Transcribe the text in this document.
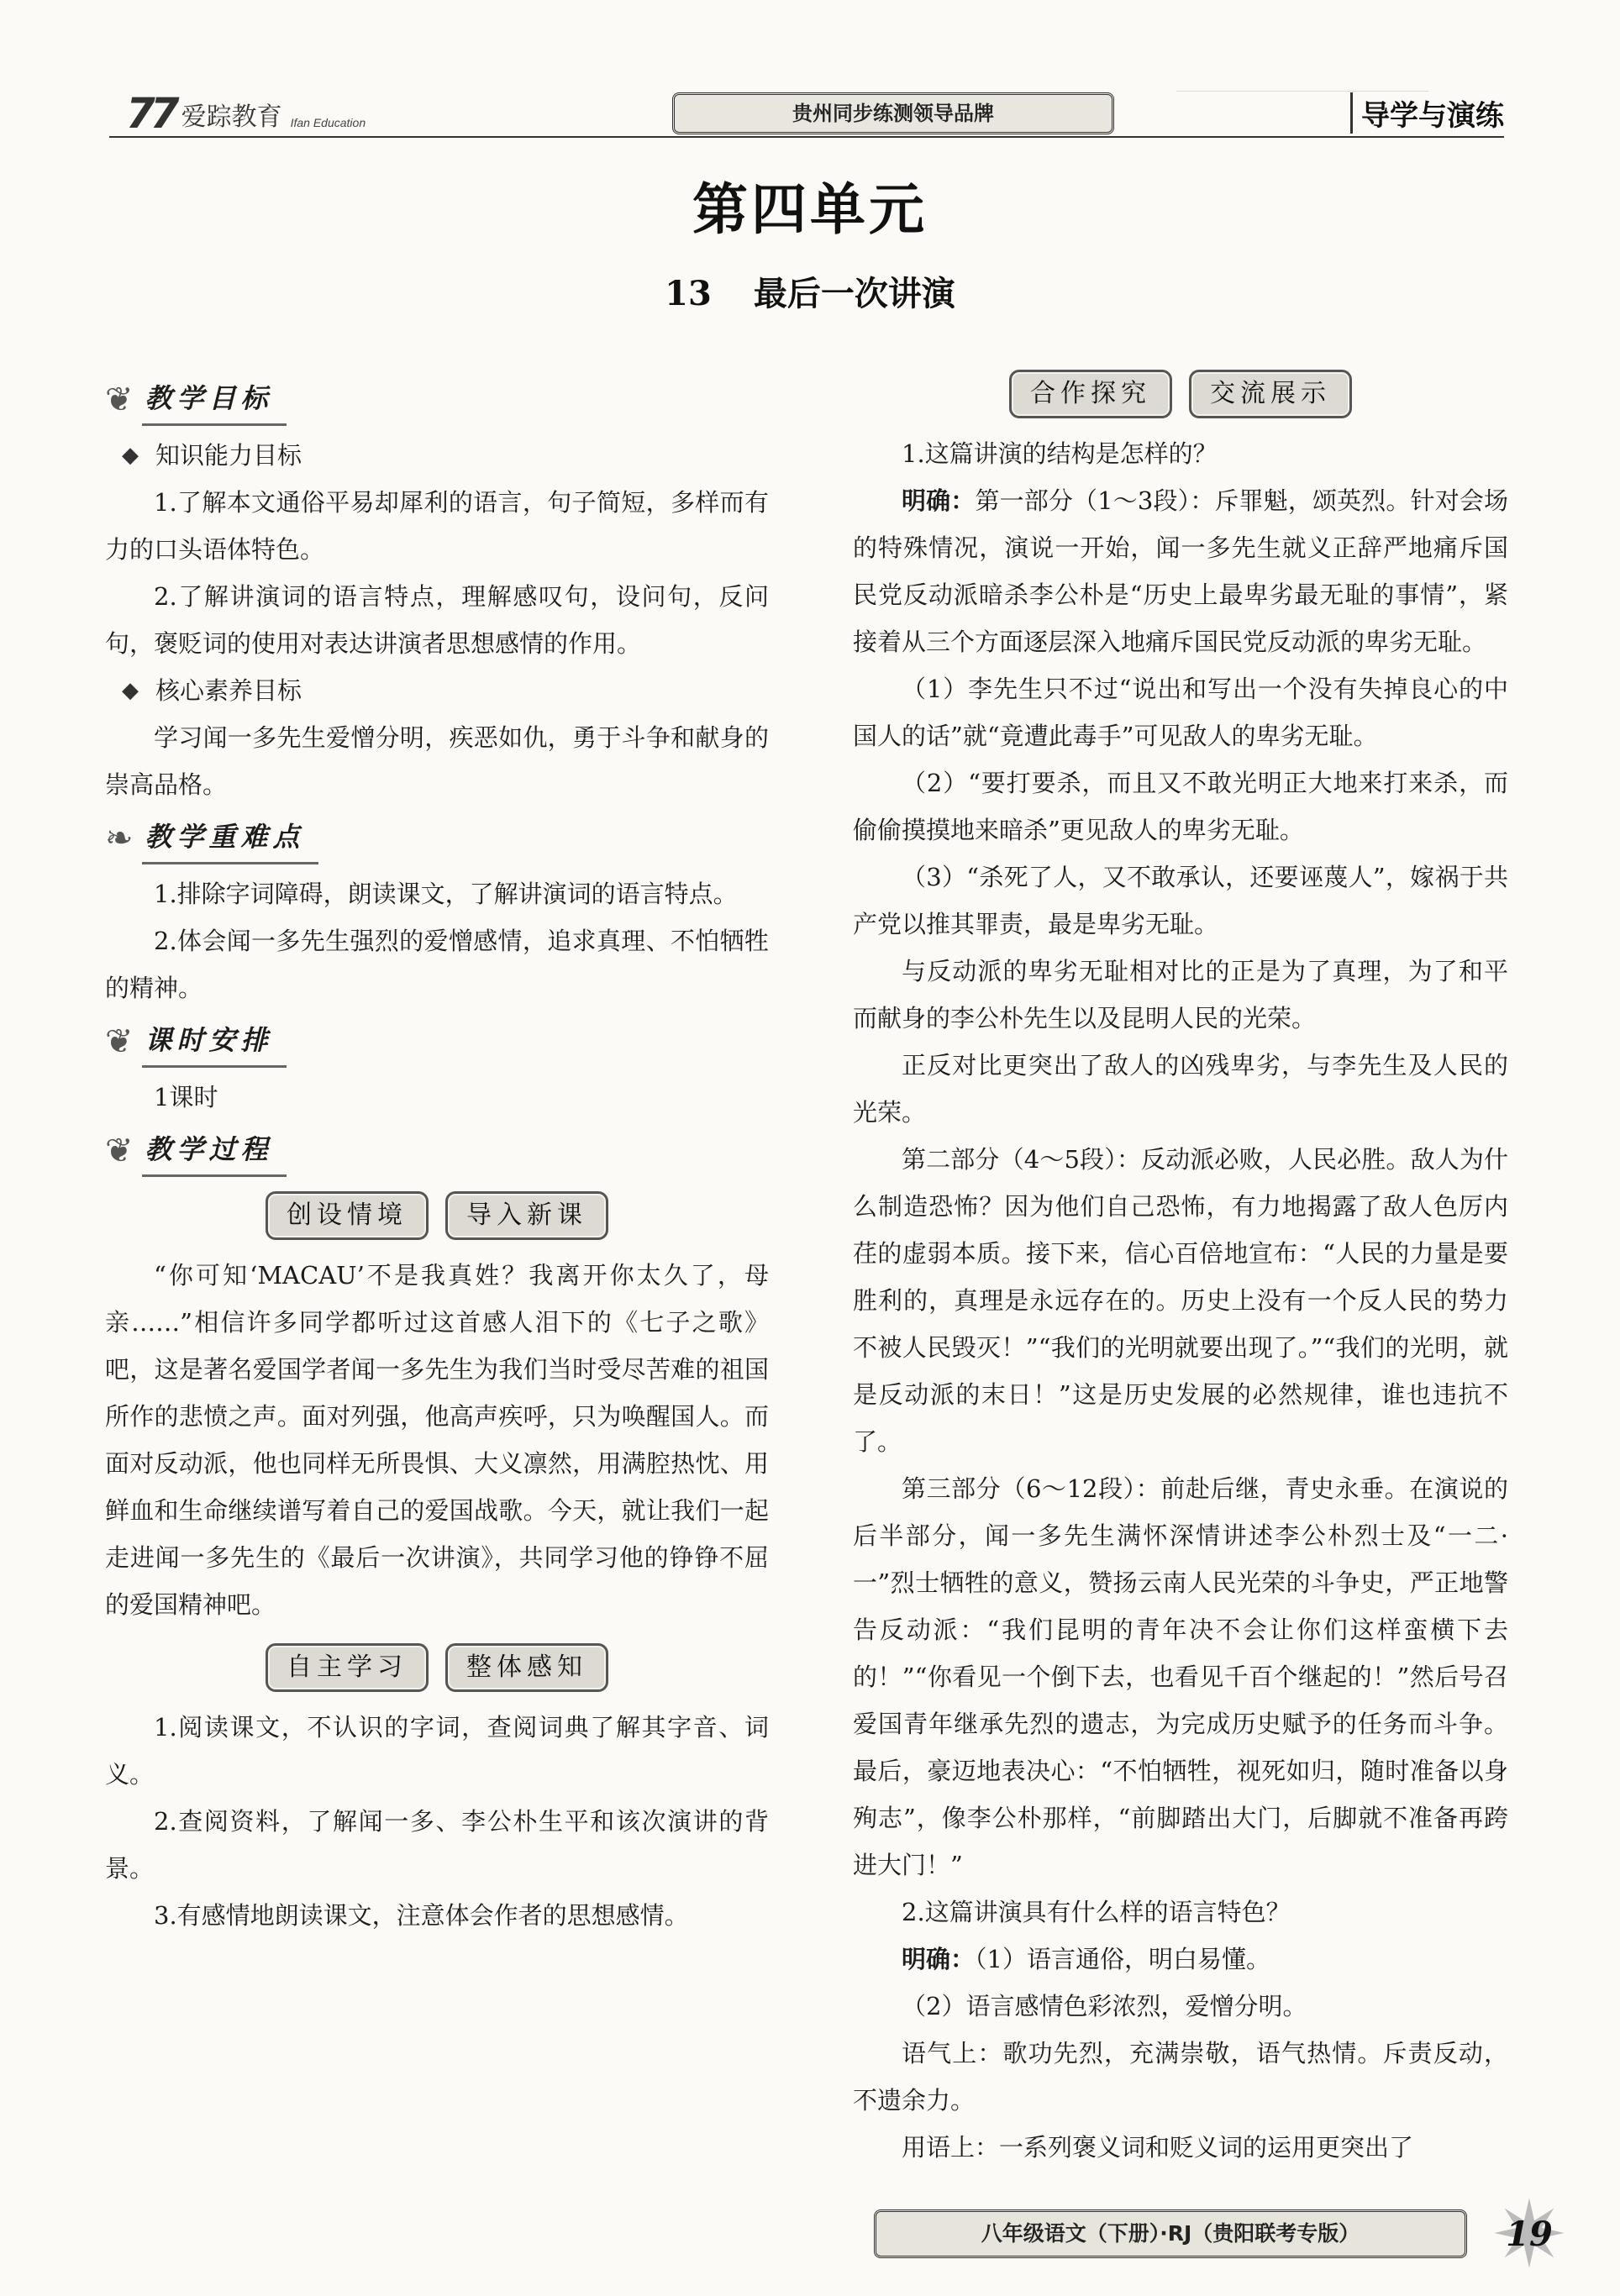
77 爱踪教育 Ifan Education	贵州同步练测领导品牌	导学与演练
第四单元
13 最后一次讲演
❦ 教学目标

◆ 知识能力目标

1.了解本文通俗平易却犀利的语言，句子简短，多样而有力的口头语体特色。

2.了解讲演词的语言特点，理解感叹句，设问句，反问句，褒贬词的使用对表达讲演者思想感情的作用。

◆ 核心素养目标

学习闻一多先生爱憎分明，疾恶如仇，勇于斗争和献身的崇高品格。

❧ 教学重难点

1.排除字词障碍，朗读课文，了解讲演词的语言特点。

2.体会闻一多先生强烈的爱憎感情，追求真理、不怕牺牲的精神。

❦ 课时安排

1课时

❦ 教学过程
创设情境	导入新课

“你可知‘MACAU’不是我真姓？我离开你太久了，母亲……”相信许多同学都听过这首感人泪下的《七子之歌》吧，这是著名爱国学者闻一多先生为我们当时受尽苦难的祖国所作的悲愤之声。面对列强，他高声疾呼，只为唤醒国人。而面对反动派，他也同样无所畏惧、大义凛然，用满腔热忱、用鲜血和生命继续谱写着自己的爱国战歌。今天，就让我们一起走进闻一多先生的《最后一次讲演》，共同学习他的铮铮不屈的爱国精神吧。

自主学习	整体感知

1.阅读课文，不认识的字词，查阅词典了解其字音、词义。

2.查阅资料，了解闻一多、李公朴生平和该次演讲的背景。

3.有感情地朗读课文，注意体会作者的思想感情。

合作探究	交流展示

1.这篇讲演的结构是怎样的？

明确：第一部分（1～3段）：斥罪魁，颂英烈。针对会场的特殊情况，演说一开始，闻一多先生就义正辞严地痛斥国民党反动派暗杀李公朴是“历史上最卑劣最无耻的事情”，紧接着从三个方面逐层深入地痛斥国民党反动派的卑劣无耻。

（1）李先生只不过“说出和写出一个没有失掉良心的中国人的话”就“竟遭此毒手”可见敌人的卑劣无耻。

（2）“要打要杀，而且又不敢光明正大地来打来杀，而偷偷摸摸地来暗杀”更见敌人的卑劣无耻。

（3）“杀死了人，又不敢承认，还要诬蔑人”，嫁祸于共产党以推其罪责，最是卑劣无耻。

与反动派的卑劣无耻相对比的正是为了真理，为了和平而献身的李公朴先生以及昆明人民的光荣。

正反对比更突出了敌人的凶残卑劣，与李先生及人民的光荣。

第二部分（4～5段）：反动派必败，人民必胜。敌人为什么制造恐怖？因为他们自己恐怖，有力地揭露了敌人色厉内荏的虚弱本质。接下来，信心百倍地宣布：“人民的力量是要胜利的，真理是永远存在的。历史上没有一个反人民的势力不被人民毁灭！”“我们的光明就要出现了。”“我们的光明，就是反动派的末日！”这是历史发展的必然规律，谁也违抗不了。

第三部分（6～12段）：前赴后继，青史永垂。在演说的后半部分，闻一多先生满怀深情讲述李公朴烈士及“一二·一”烈士牺牲的意义，赞扬云南人民光荣的斗争史，严正地警告反动派：“我们昆明的青年决不会让你们这样蛮横下去的！”“你看见一个倒下去，也看见千百个继起的！”然后号召爱国青年继承先烈的遗志，为完成历史赋予的任务而斗争。最后，豪迈地表决心：“不怕牺牲，视死如归，随时准备以身殉志”，像李公朴那样，“前脚踏出大门，后脚就不准备再跨进大门！”

2.这篇讲演具有什么样的语言特色？

明确：（1）语言通俗，明白易懂。

（2）语言感情色彩浓烈，爱憎分明。

语气上：歌功先烈，充满崇敬，语气热情。斥责反动，不遗余力。

用语上：一系列褒义词和贬义词的运用更突出了

八年级语文（下册）·RJ（贵阳联考专版）
✷	19
